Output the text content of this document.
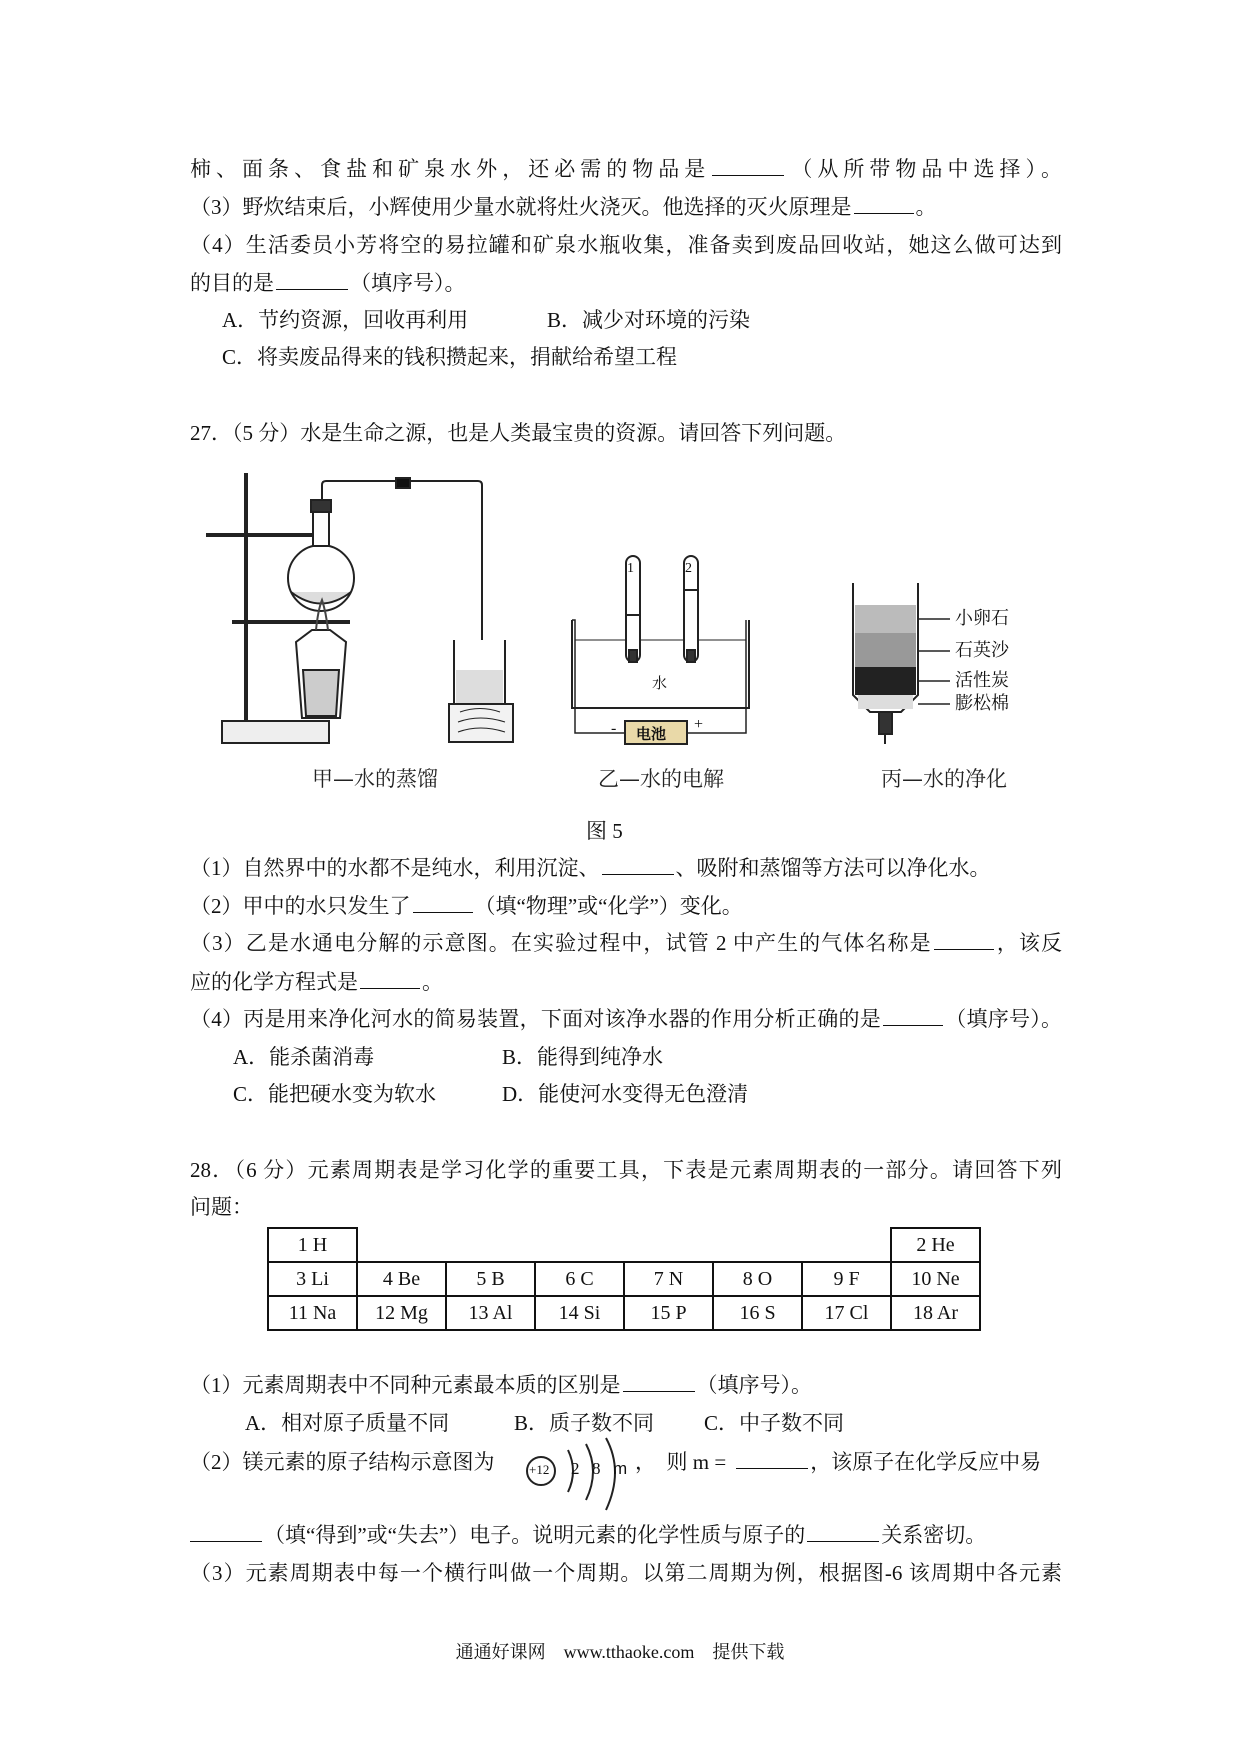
柿、面条、食盐和矿泉水外，还必需的物品是	（从所带物品中选择）。
（3）野炊结束后，小辉使用少量水就将灶火浇灭。他选择的灭火原理是	。
（4）生活委员小芳将空的易拉罐和矿泉水瓶收集，准备卖到废品回收站，她这么做可达到
的目的是	（填序号）。
A．节约资源，回收再利用	B．减少对环境的污染
C．将卖废品得来的钱积攒起来，捐献给希望工程
27．（5 分）水是生命之源，也是人类最宝贵的资源。请回答下列问题。
1	2
水
-	+
电池
小卵石
石英沙
活性炭
膨松棉
甲—水的蒸馏	乙—水的电解	丙—水的净化
图 5
（1）自然界中的水都不是纯水，利用沉淀、	、吸附和蒸馏等方法可以净化水。
（2）甲中的水只发生了	（填“物理”或“化学”）变化。
（3）乙是水通电分解的示意图。在实验过程中，试管 2 中产生的气体名称是	，该反
应的化学方程式是	。
（4）丙是用来净化河水的简易装置，下面对该净水器的作用分析正确的是	（填序号）。
A．能杀菌消毒	B．能得到纯净水
C．能把硬水变为软水	D．能使河水变得无色澄清
28．（6 分）元素周期表是学习化学的重要工具，下表是元素周期表的一部分。请回答下列
问题：
1 H							2 He
3 Li	4 Be	5 B	6 C	7 N	8 O	9 F	10 Ne
11 Na	12 Mg	13 Al	14 Si	15 P	16 S	17 Cl	18 Ar
（1）元素周期表中不同种元素最本质的区别是	（填序号）。
A．相对原子质量不同	B．质子数不同 C．中子数不同
（2）镁元素的原子结构示意图为	+12 2 8 m ，　则 m =	，该原子在化学反应中易
（填“得到”或“失去”）电子。说明元素的化学性质与原子的	关系密切。
（3）元素周期表中每一个横行叫做一个周期。以第二周期为例，根据图-6 该周期中各元素
通通好课网　www.tthaoke.com　提供下载
